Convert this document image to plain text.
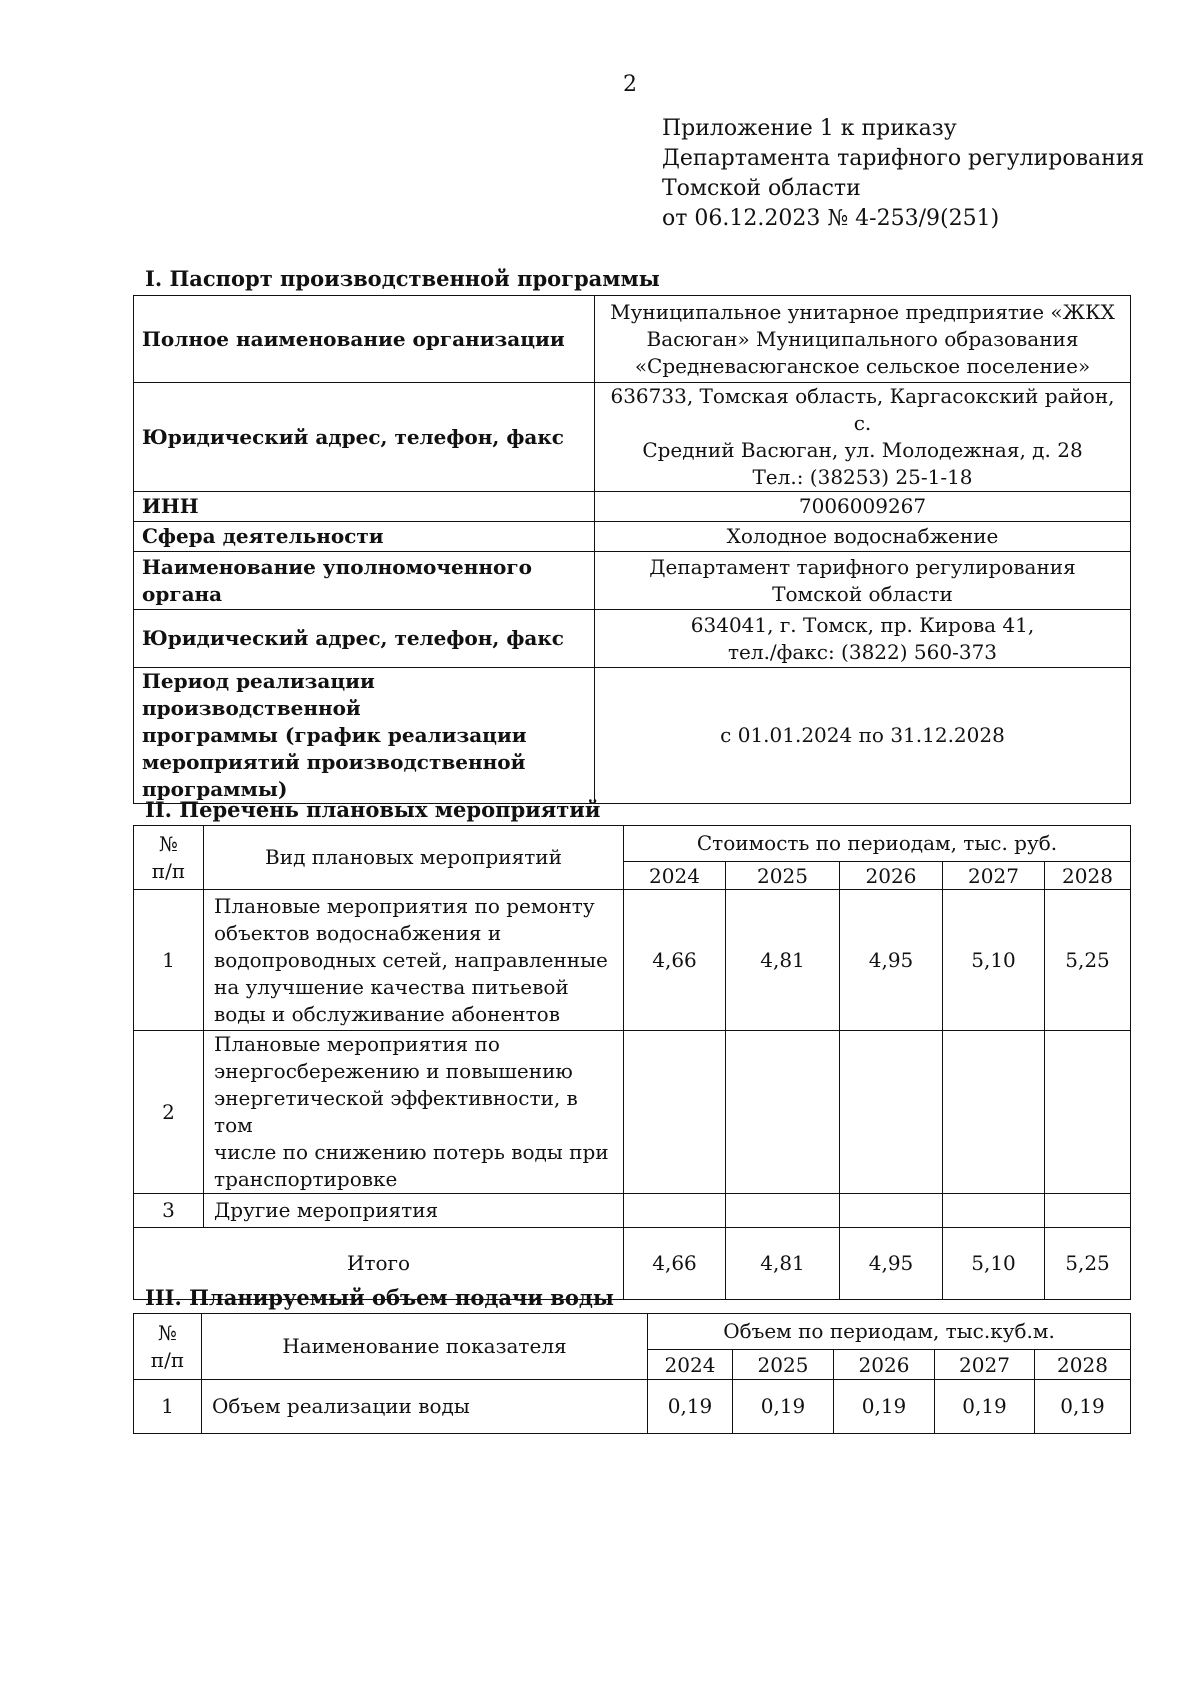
2
Приложение 1 к приказу
Департамента тарифного регулирования
Томской области
от 06.12.2023 № 4-253/9(251)
I. Паспорт производственной программы
Полное наименование организации	Муниципальное унитарное предприятие «ЖКХ
Васюган» Муниципального образования
«Средневасюганское сельское поселение»
Юридический адрес, телефон, факс	636733, Томская область, Каргасокский район, с.
Средний Васюган, ул. Молодежная, д. 28
Тел.: (38253) 25-1-18
ИНН	7006009267
Сфера деятельности	Холодное водоснабжение
Наименование уполномоченного
органа	Департамент тарифного регулирования
Томской области
Юридический адрес, телефон, факс	634041, г. Томск, пр. Кирова 41,
тел./факс: (3822) 560-373
Период реализации производственной
программы (график реализации
мероприятий производственной
программы)	с 01.01.2024 по 31.12.2028
II. Перечень плановых мероприятий
№
п/п	Вид плановых мероприятий	Стоимость по периодам, тыс. руб.				
		2024	2025	2026	2027	2028
1	Плановые мероприятия по ремонту
объектов водоснабжения и
водопроводных сетей, направленные
на улучшение качества питьевой
воды и обслуживание абонентов	4,66	4,81	4,95	5,10	5,25
2	Плановые мероприятия по
энергосбережению и повышению
энергетической эффективности, в том
числе по снижению потерь воды при
транспортировке					
3	Другие мероприятия					
Итого		4,66	4,81	4,95	5,10	5,25
III. Планируемый объем подачи воды
№
п/п	Наименование показателя	Объем по периодам, тыс.куб.м.				
		2024	2025	2026	2027	2028
1	Объем реализации воды	0,19	0,19	0,19	0,19	0,19
